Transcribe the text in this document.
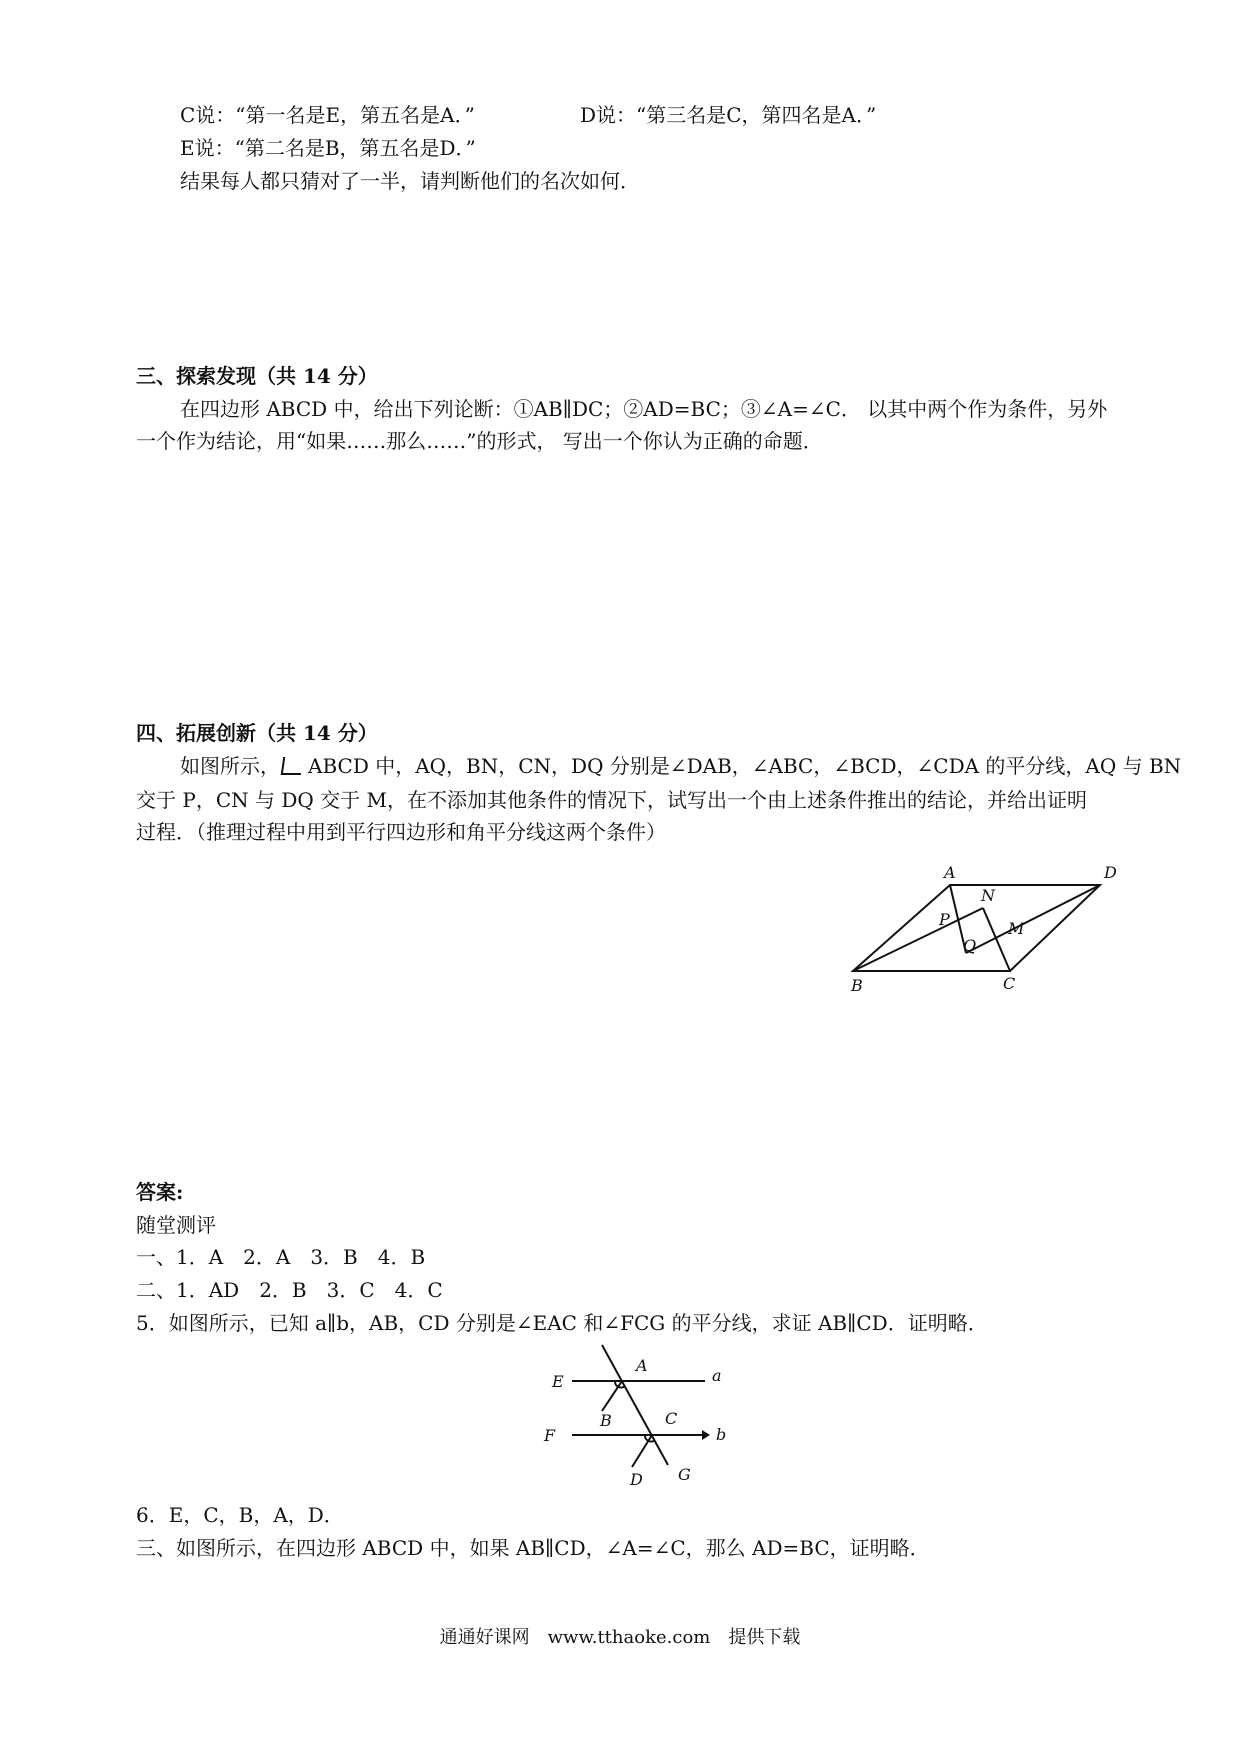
C说：“第一名是E，第五名是A．”	D说：“第三名是C，第四名是A．”
E说：“第二名是B，第五名是D．”
结果每人都只猜对了一半，请判断他们的名次如何．
三、探索发现（共 14 分）
在四边形 ABCD 中，给出下列论断：①AB∥DC；②AD=BC；③∠A=∠C． 以其中两个作为条件，另外
一个作为结论，用“如果……那么……”的形式， 写出一个你认为正确的命题．
四、拓展创新（共 14 分）
如图所示， ABCD 中，AQ，BN，CN，DQ 分别是∠DAB，∠ABC，∠BCD，∠CDA 的平分线，AQ 与 BN
交于 P，CN 与 DQ 交于 M，在不添加其他条件的情况下，试写出一个由上述条件推出的结论，并给出证明
过程．（推理过程中用到平行四边形和角平分线这两个条件）
A	D
N
P	M
Q
B	C
答案:
随堂测评
一、1．A　2．A　3．B　4．B
二、1．AD　2．B　3．C　4．C
5．如图所示，已知 a∥b，AB，CD 分别是∠EAC 和∠FCG 的平分线，求证 AB∥CD．证明略．
E
A
a
B	C
F	b
D G
6．E，C，B，A，D．
三、如图所示，在四边形 ABCD 中，如果 AB∥CD，∠A=∠C，那么 AD=BC，证明略．
通通好课网　www.tthaoke.com　提供下载
